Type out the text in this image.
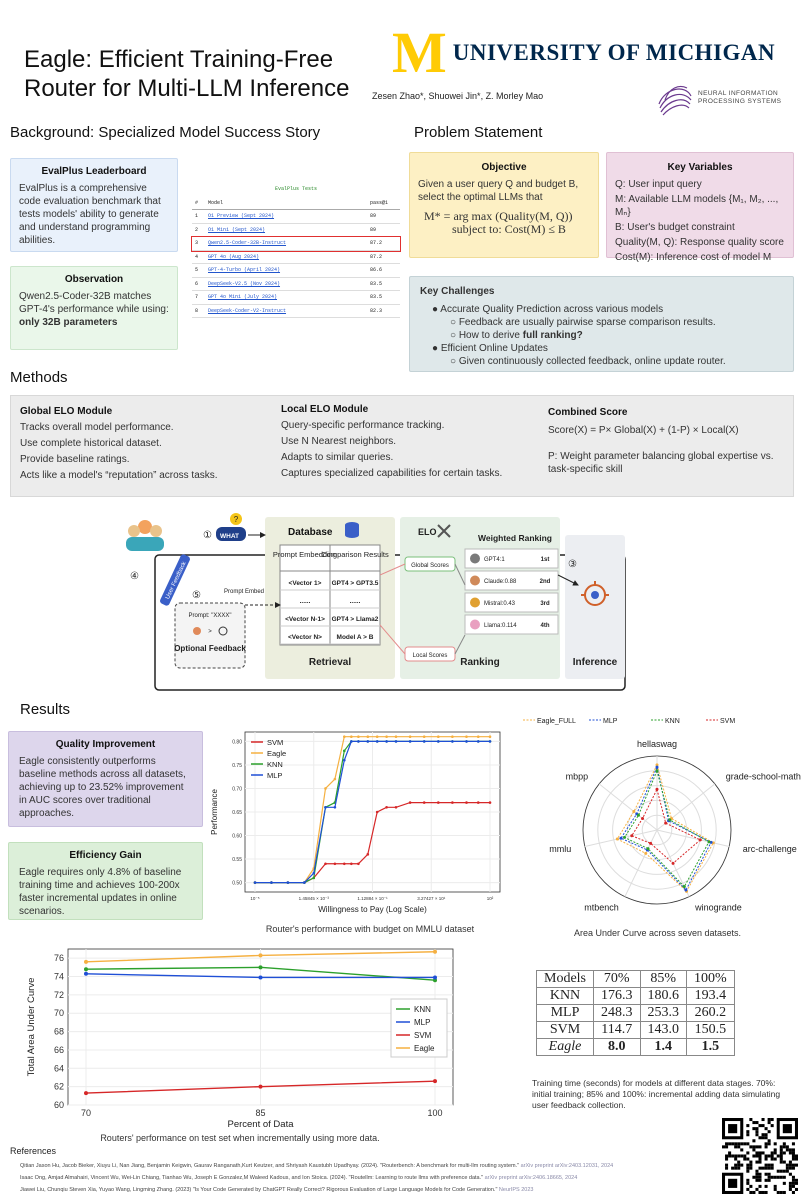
Eagle: Efficient Training-Free Router for Multi-LLM Inference	Zesen Zhao*, Shuowei Jin*, Z. Morley Mao
M UNIVERSITY OF MICHIGAN
NEURAL INFORMATION PROCESSING SYSTEMS
Background: Specialized Model Success Story
EvalPlus Leaderboard
EvalPlus is a comprehensive code evaluation benchmark that tests models' ability to generate and understand programming abilities.
Observation
Qwen2.5-Coder-32B matches GPT-4's performance while using: only 32B parameters
EvalPlus Tests
#	Model	pass@1
1	O1 Preview (Sept 2024)	89
2	O1 Mini (Sept 2024)	89
3	Qwen2.5-Coder-32B-Instruct	87.2
4	GPT 4o (Aug 2024)	87.2
5	GPT-4-Turbo (April 2024)	86.6
6	DeepSeek-V2.5 (Nov 2024)	83.5
7	GPT 4o Mini (July 2024)	83.5
8	DeepSeek-Coder-V2-Instruct	82.3
Problem Statement
Objective
Given a user query Q and budget B, select the optimal LLMs that
M* = arg max (Quality(M, Q))
subject to: Cost(M) ≤ B
Key Variables
Q: User input query
M: Available LLM models {M₁, M₂, ..., Mₙ}
B: User's budget constraint
Quality(M, Q): Response quality score
Cost(M): Inference cost of model M
Key Challenges
● Accurate Quality Prediction across various models
○ Feedback are usually pairwise sparse comparison results.
○ How to derive full ranking?
● Efficient Online Updates
○ Given continuously collected feedback, online update router.
Methods
Global ELO Module
Tracks overall model performance.
Use complete historical dataset.
Provide baseline ratings.
Acts like a model's “reputation” across tasks.
Local ELO Module
Query-specific performance tracking.
Use N Nearest neighbors.
Adapts to similar queries.
Captures specialized capabilities for certain tasks.
Combined Score
Score(X) = P× Global(X) + (1-P) × Local(X)
P: Weight parameter balancing global expertise vs. task-specific skill
①
?
WHAT	Database
Prompt Embedding
Comparison Results
<Vector 1> GPT4 > GPT3.5
......	......
<Vector N-1> GPT4 > Llama2
<Vector N> Model A > B
Prompt Embed
④
⑤
User Feedback
Prompt: "XXXX"
>
Optional Feedback
Retrieval
ELO
Global Scores
Local Scores
Weighted Ranking
GPT4:1	1st
Claude:0.88	2nd
Mistral:0.43	3rd
Llama:0.114	4th
Ranking
③
Inference
Results
Quality Improvement
Eagle consistently outperforms baseline methods across all datasets, achieving up to 23.52% improvement in AUC scores over traditional approaches.
Efficiency Gain
Eagle requires only 4.8% of baseline training time and achieves 100-200x faster incremental updates in online scenarios.
0.50
0.55
0.60
0.65
0.70
0.75
0.80
10⁻⁵	1.45845 × 10⁻³	1.12884 × 10⁻¹	3.27427 × 10¹	10²
SVM
Eagle
KNN
MLP
Willingness to Pay (Log Scale)
Performance
Router's performance with budget on MMLU dataset
hellaswag
grade-school-math
arc-challenge
winogrande
mtbench
mmlu
mbpp
Eagle_FULL	MLP	KNN	SVM
Area Under Curve across seven datasets.
60
62
64
66
68
70
72
74
76
70	85	100
KNN
MLP
SVM
Eagle
Percent of Data
Total Area Under Curve
Routers' performance on test set when incrementally using more data.
Models	70%	85%	100%
KNN	176.3	180.6	193.4
MLP	248.3	253.3	260.2
SVM	114.7	143.0	150.5
Eagle	8.0	1.4	1.5
Training time (seconds) for models at different data stages. 70%: initial training; 85% and 100%: incremental adding data simulating user feedback collection.
References
Qitian Jason Hu, Jacob Bieker, Xiuyu Li, Nan Jiang, Benjamin Keigwin, Gaurav Ranganath,Kurt Keutzer, and Shriyash Kaustubh Upadhyay. (2024). "Routerbench: A benchmark for multi-llm routing system." arXiv preprint arXiv:2403.12031, 2024
Isaac Ong, Amjad Almahairi, Vincent Wu, Wei-Lin Chiang, Tianhao Wu, Joseph E Gonzalez,M Waleed Kadous, and Ion Stoica. (2024). "Routellm: Learning to route llms with preference data." arXiv preprint arXiv:2406.18665, 2024
Jiawei Liu, Chunqiu Steven Xia, Yuyao Wang, Lingming Zhang. (2023) "Is Your Code Generated by ChatGPT Really Correct? Rigorous Evaluation of Large Language Models for Code Generation." NeurIPS 2023
